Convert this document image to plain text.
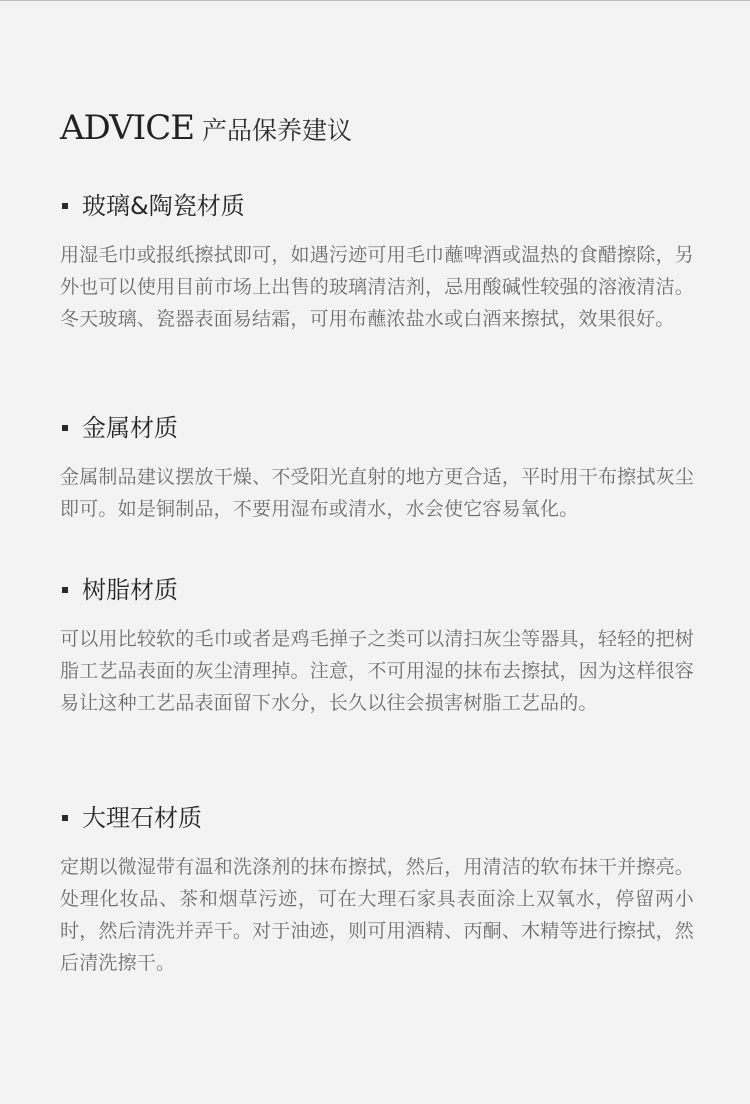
ADVICE 产品保养建议
玻璃&陶瓷材质

用湿毛巾或报纸擦拭即可，如遇污迹可用毛巾蘸啤酒或温热的食醋擦除，另外也可以使用目前市场上出售的玻璃清洁剂，忌用酸碱性较强的溶液清洁。冬天玻璃、瓷器表面易结霜，可用布蘸浓盐水或白酒来擦拭，效果很好。

金属材质

金属制品建议摆放干燥、不受阳光直射的地方更合适，平时用干布擦拭灰尘即可。如是铜制品，不要用湿布或清水，水会使它容易氧化。

树脂材质

可以用比较软的毛巾或者是鸡毛掸子之类可以清扫灰尘等器具，轻轻的把树脂工艺品表面的灰尘清理掉。注意，不可用湿的抹布去擦拭，因为这样很容易让这种工艺品表面留下水分，长久以往会损害树脂工艺品的。

大理石材质

定期以微湿带有温和洗涤剂的抹布擦拭，然后，用清洁的软布抹干并擦亮。处理化妆品、茶和烟草污迹，可在大理石家具表面涂上双氧水，停留两小时，然后清洗并弄干。对于油迹，则可用酒精、丙酮、木精等进行擦拭，然后清洗擦干。
